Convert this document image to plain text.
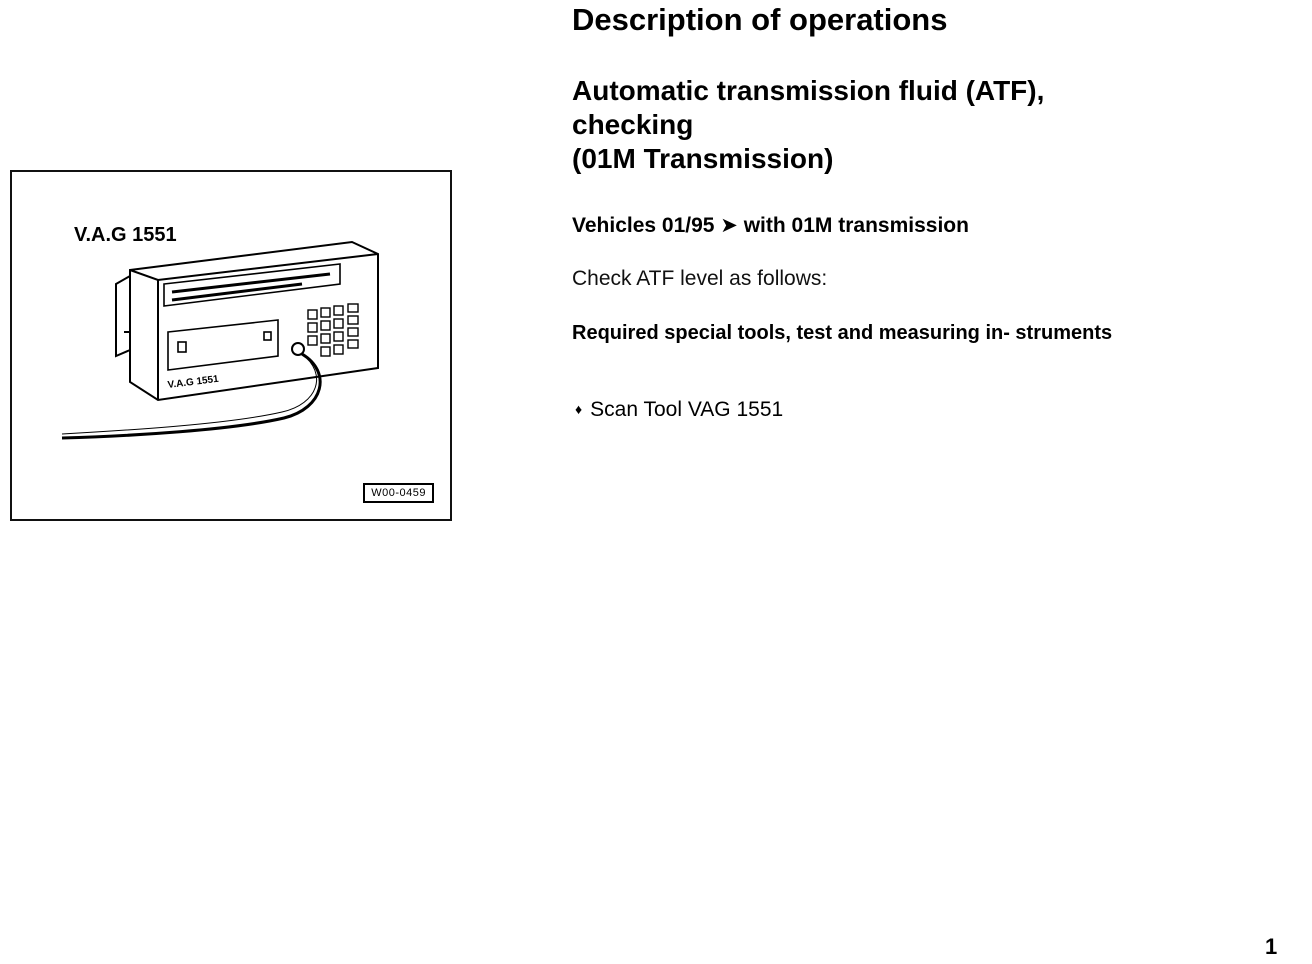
V.A.G 1551
V.A.G 1551
W00-0459
Description of operations
Automatic transmission fluid (ATF),
checking
(01M Transmission)

Vehicles 01/95 ➤ with 01M transmission

Check ATF level as follows:

Required special tools, test and measuring in- struments

♦ Scan Tool VAG 1551
1
